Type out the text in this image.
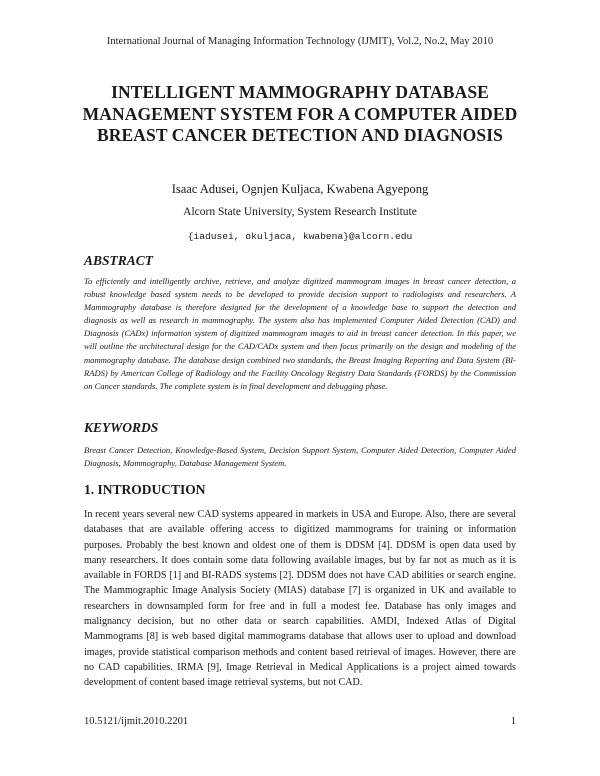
International Journal of Managing Information Technology (IJMIT), Vol.2, No.2, May 2010
INTELLIGENT MAMMOGRAPHY DATABASE MANAGEMENT SYSTEM FOR A COMPUTER AIDED BREAST CANCER DETECTION AND DIAGNOSIS
Isaac Adusei, Ognjen Kuljaca, Kwabena Agyepong
Alcorn State University, System Research Institute
{iadusei, okuljaca, kwabena}@alcorn.edu
ABSTRACT
To efficiently and intelligently archive, retrieve, and analyze digitized mammogram images in breast cancer detection, a robust knowledge based system needs to be developed to provide decision support to radiologists and researchers. A Mammography database is therefore designed for the development of a knowledge base to support the detection and diagnosis as well as research in mammography. The system also has implemented Computer Aided Detection (CAD) and Diagnosis (CADx) information system of digitized mammogram images to aid in breast cancer detection. In this paper, we will outline the architectural design for the CAD/CADx system and then focus primarily on the design and modeling of the mammography database. The database design combined two standards, the Breast Imaging Reporting and Data System (BI-RADS) by American College of Radiology and the Facility Oncology Registry Data Standards (FORDS) by the Commission on Cancer standards. The complete system is in final development and debugging phase.
KEYWORDS
Breast Cancer Detection, Knowledge-Based System, Decision Support System, Computer Aided Detection, Computer Aided Diagnosis, Mammography, Database Management System.
1. INTRODUCTION
In recent years several new CAD systems appeared in markets in USA and Europe. Also, there are several databases that are available offering access to digitized mammograms for training or information purposes. Probably the best known and oldest one of them is DDSM [4]. DDSM is open data used by many researchers. It does contain some data following available images, but by far not as much as it is available in FORDS [1] and BI-RADS systems [2]. DDSM does not have CAD abilities or search engine. The Mammographic Image Analysis Society (MIAS) database [7] is organized in UK and available to researchers in downsampled form for free and in full a modest fee. Database has only images and malignancy decision, but no other data or search capabilities. AMDI, Indexed Atlas of Digital Mammograms [8] is web based digital mammograms database that allows user to upload and download images, provide statistical comparison methods and content based retrieval of images. However, there are no CAD capabilities. IRMA [9], Image Retrieval in Medical Applications is a project aimed towards development of content based image retrieval systems, but not CAD.
10.5121/ijmit.2010.2201	1
